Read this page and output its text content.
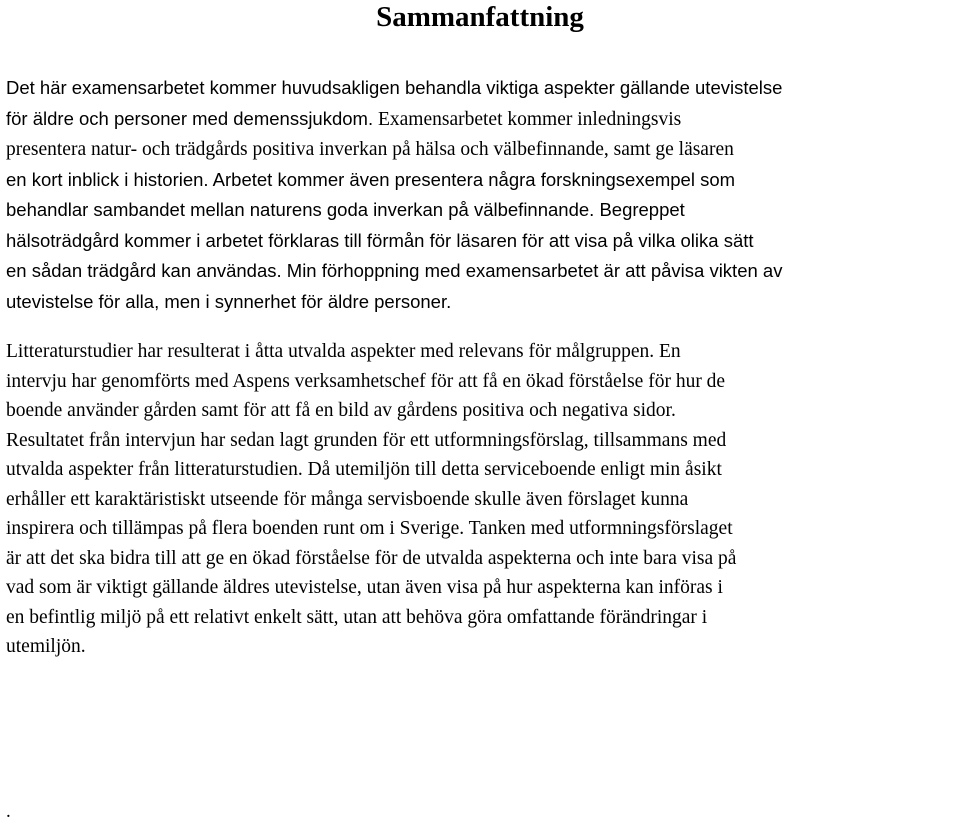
Sammanfattning

Det här examensarbetet kommer huvudsakligen behandla viktiga aspekter gällande utevistelse
för äldre och personer med demenssjukdom. Examensarbetet kommer inledningsvis
presentera natur- och trädgårds positiva inverkan på hälsa och välbefinnande, samt ge läsaren
en kort inblick i historien. Arbetet kommer även presentera några forskningsexempel som
behandlar sambandet mellan naturens goda inverkan på välbefinnande. Begreppet
hälsoträdgård kommer i arbetet förklaras till förmån för läsaren för att visa på vilka olika sätt
en sådan trädgård kan användas. Min förhoppning med examensarbetet är att påvisa vikten av
utevistelse för alla, men i synnerhet för äldre personer.

Litteraturstudier har resulterat i åtta utvalda aspekter med relevans för målgruppen. En
intervju har genomförts med Aspens verksamhetschef för att få en ökad förståelse för hur de
boende använder gården samt för att få en bild av gårdens positiva och negativa sidor.
Resultatet från intervjun har sedan lagt grunden för ett utformningsförslag, tillsammans med
utvalda aspekter från litteraturstudien. Då utemiljön till detta serviceboende enligt min åsikt
erhåller ett karaktäristiskt utseende för många servisboende skulle även förslaget kunna
inspirera och tillämpas på flera boenden runt om i Sverige. Tanken med utformningsförslaget
är att det ska bidra till att ge en ökad förståelse för de utvalda aspekterna och inte bara visa på
vad som är viktigt gällande äldres utevistelse, utan även visa på hur aspekterna kan införas i
en befintlig miljö på ett relativt enkelt sätt, utan att behöva göra omfattande förändringar i
utemiljön.

.
